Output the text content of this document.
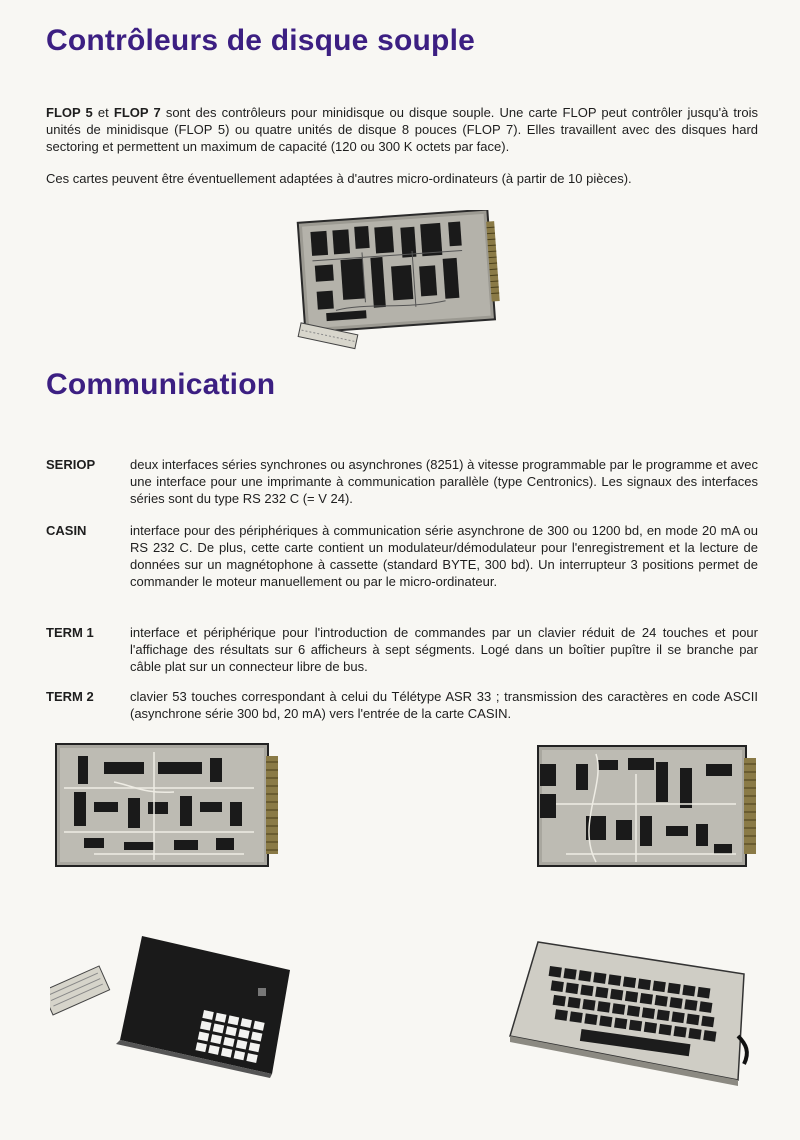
Contrôleurs de disque souple

FLOP 5 et FLOP 7 sont des contrôleurs pour minidisque ou disque souple. Une carte FLOP peut contrôler jusqu'à trois unités de minidisque (FLOP 5) ou quatre unités de disque 8 pouces (FLOP 7). Elles travaillent avec des disques hard sectoring et permettent un maximum de capacité (120 ou 300 K octets par face).

Ces cartes peuvent être éventuellement adaptées à d'autres micro-ordinateurs (à partir de 10 pièces).

Communication
SERIOP	deux interfaces séries synchrones ou asynchrones (8251) à vitesse programmable par le programme et avec une interface pour une imprimante à communication parallèle (type Centronics). Les signaux des interfaces séries sont du type RS 232 C (= V 24).

CASIN	interface pour des périphériques à communication série asynchrone de 300 ou 1200 bd, en mode 20 mA ou RS 232 C. De plus, cette carte contient un modulateur/démodulateur pour l'enregistrement et la lecture de données sur un magnétophone à cassette (standard BYTE, 300 bd). Un interrupteur 3 positions permet de commander le moteur manuellement ou par le micro-ordinateur.

TERM 1	interface et périphérique pour l'introduction de commandes par un clavier réduit de 24 touches et pour l'affichage des résultats sur 6 afficheurs à sept ségments. Logé dans un boîtier pupître il se branche par câble plat sur un connecteur libre de bus.

TERM 2	clavier 53 touches correspondant à celui du Télétype ASR 33 ; transmission des caractères en code ASCII (asynchrone série 300 bd, 20 mA) vers l'entrée de la carte CASIN.
